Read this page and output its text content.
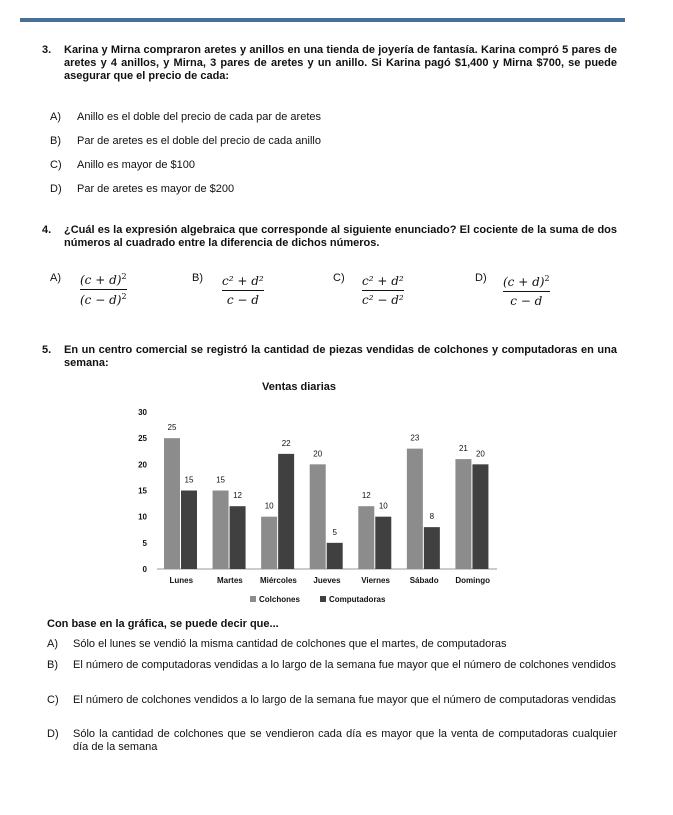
3.	Karina y Mirna compraron aretes y anillos en una tienda de joyería de fantasía. Karina compró 5 pares de aretes y 4 anillos, y Mirna, 3 pares de aretes y un anillo. Si Karina pagó $1,400 y Mirna $700, se puede asegurar que el precio de cada:
A) Anillo es el doble del precio de cada par de aretes
B) Par de aretes es el doble del precio de cada anillo
C) Anillo es mayor de $100
D) Par de aretes es mayor de $200
4.	¿Cuál es la expresión algebraica que corresponde al siguiente enunciado? El cociente de la suma de dos números al cuadrado entre la diferencia de dichos números.
A) $(c + d)^2$
$(c - d)^2$
B) c² + d²
c − d
C) c² + d²
c² − d²
D) $(c + d)^2$
c − d
5.	En un centro comercial se registró la cantidad de piezas vendidas de colchones y computadoras en una semana:
Ventas diarias
0
5
10
15
20
25
30
25
15
Lunes
15
12
Martes
10
22
Miércoles
20
5
Jueves
12
10
Viernes
23
8
Sábado
21
20
Domingo
Colchones	Computadoras
Con base en la gráfica, se puede decir que...
A) Sólo el lunes se vendió la misma cantidad de colchones que el martes, de computadoras
B) El número de computadoras vendidas a lo largo de la semana fue mayor que el número de colchones vendidos
C) El número de colchones vendidos a lo largo de la semana fue mayor que el número de computadoras vendidas
D) Sólo la cantidad de colchones que se vendieron cada día es mayor que la venta de computadoras cualquier día de la semana
